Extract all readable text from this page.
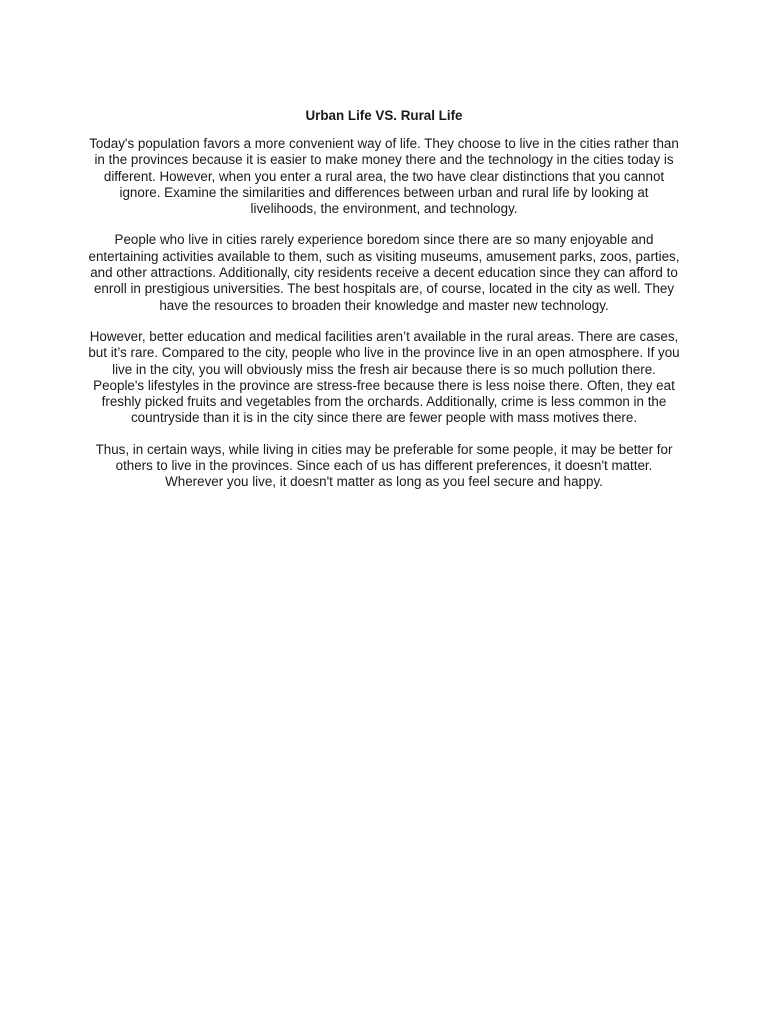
Urban Life VS. Rural Life

Today's population favors a more convenient way of life. They choose to live in the cities rather than in the provinces because it is easier to make money there and the technology in the cities today is different. However, when you enter a rural area, the two have clear distinctions that you cannot ignore. Examine the similarities and differences between urban and rural life by looking at livelihoods, the environment, and technology.

People who live in cities rarely experience boredom since there are so many enjoyable and entertaining activities available to them, such as visiting museums, amusement parks, zoos, parties, and other attractions. Additionally, city residents receive a decent education since they can afford to enroll in prestigious universities. The best hospitals are, of course, located in the city as well. They have the resources to broaden their knowledge and master new technology.

However, better education and medical facilities aren’t available in the rural areas. There are cases, but it’s rare. Compared to the city, people who live in the province live in an open atmosphere. If you live in the city, you will obviously miss the fresh air because there is so much pollution there. People's lifestyles in the province are stress-free because there is less noise there. Often, they eat freshly picked fruits and vegetables from the orchards. Additionally, crime is less common in the countryside than it is in the city since there are fewer people with mass motives there.

Thus, in certain ways, while living in cities may be preferable for some people, it may be better for others to live in the provinces. Since each of us has different preferences, it doesn't matter. Wherever you live, it doesn't matter as long as you feel secure and happy.
